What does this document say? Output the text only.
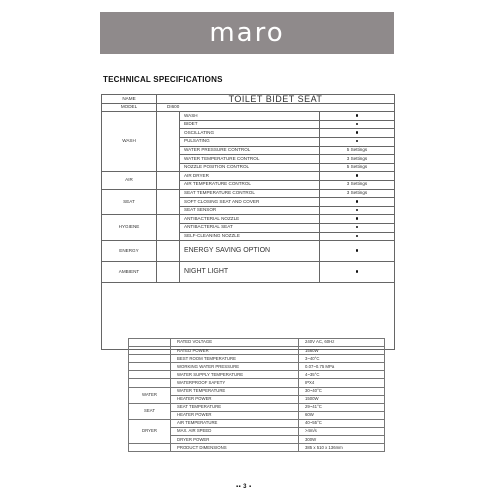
maro
TECHNICAL SPECIFICATIONS
NAME	TOILET BIDET SEAT		
MODEL	DI600		
WASH		WASH	
		BIDET	
		OSCILLATING	
		PULSATING	
		WATER PRESSURE CONTROL	5 Settings
		WATER TEMPERATURE CONTROL	3 Settings
		NOZZLE POSITION CONTROL	5 Settings
AIR		AIR DRYER	
		AIR TEMPERATURE CONTROL	3 Settings
SEAT		SEAT TEMPERATURE CONTROL	3 Settings
		SOFT CLOSING SEAT AND COVER	
		SEAT SENSOR	
HYGIENE		ANTIBACTERIAL NOZZLE	
		ANTIBACTERIAL SEAT	
		SELF-CLEANING NOZZLE	
ENERGY		ENERGY SAVING OPTION	
AMBIENT		NIGHT LIGHT	

	RATED VOLTAGE	240V AC, 60Hz
	RATED POWER	1560W
	BEST ROOM TEMPERATURE	3~40°C
	WORKING WATER PRESSURE	0.07~0.75 MPa
	WATER SUPPLY TEMPERATURE	4~35°C
	WATERPROOF SAFETY	IPX4
WATER	WATER TEMPERATURE	30~40°C
	HEATER POWER	1500W
SEAT	SEAT TEMPERATURE	29~41°C
	HEATER POWER	60W
DRYER	AIR TEMPERATURE	40~55°C
	MAX. AIR SPEED	>4m/s
	DRYER POWER	300W
	PRODUCT DIMENSIONS	385 x 510 x 136mm
▪▪ 3 ▪
